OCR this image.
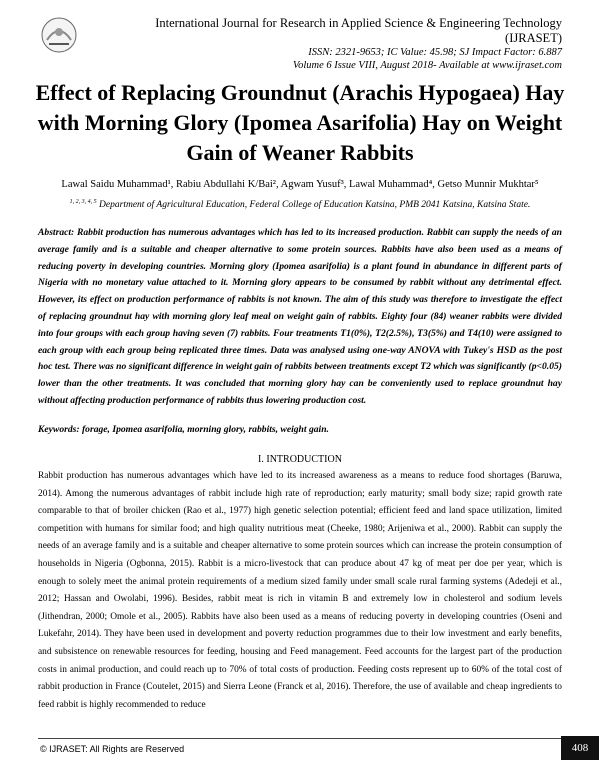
International Journal for Research in Applied Science & Engineering Technology (IJRASET)
ISSN: 2321-9653; IC Value: 45.98; SJ Impact Factor: 6.887
Volume 6 Issue VIII, August 2018- Available at www.ijraset.com
Effect of Replacing Groundnut (Arachis Hypogaea) Hay with Morning Glory (Ipomea Asarifolia) Hay on Weight Gain of Weaner Rabbits
Lawal Saidu Muhammad¹, Rabiu Abdullahi K/Bai², Agwam Yusuf³, Lawal Muhammad⁴, Getso Munnir Mukhtar⁵
$^{1, 2, 3, 4, 5}$ Department of Agricultural Education, Federal College of Education Katsina, PMB 2041 Katsina, Katsina State.
Abstract: Rabbit production has numerous advantages which has led to its increased production. Rabbit can supply the needs of an average family and is a suitable and cheaper alternative to some protein sources. Rabbits have also been used as a means of reducing poverty in developing countries. Morning glory (Ipomea asarifolia) is a plant found in abundance in different parts of Nigeria with no monetary value attached to it. Morning glory appears to be consumed by rabbit without any detrimental effect. However, its effect on production performance of rabbits is not known. The aim of this study was therefore to investigate the effect of replacing groundnut hay with morning glory leaf meal on weight gain of rabbits. Eighty four (84) weaner rabbits were divided into four groups with each group having seven (7) rabbits. Four treatments T1(0%), T2(2.5%), T3(5%) and T4(10) were assigned to each group with each group being replicated three times. Data was analysed using one-way ANOVA with Tukey's HSD as the post hoc test. There was no significant difference in weight gain of rabbits between treatments except T2 which was significantly (p<0.05) lower than the other treatments. It was concluded that morning glory hay can be conveniently used to replace groundnut hay without affecting production performance of rabbits thus lowering production cost.
Keywords: forage, Ipomea asarifolia, morning glory, rabbits, weight gain.
I. INTRODUCTION

Rabbit production has numerous advantages which have led to its increased awareness as a means to reduce food shortages (Baruwa, 2014). Among the numerous advantages of rabbit include high rate of reproduction; early maturity; small body size; rapid growth rate comparable to that of broiler chicken (Rao et al., 1977) high genetic selection potential; efficient feed and land space utilization, limited competition with humans for similar food; and high quality nutritious meat (Cheeke, 1980; Arijeniwa et al., 2000). Rabbit can supply the needs of an average family and is a suitable and cheaper alternative to some protein sources which can increase the protein consumption of households in Nigeria (Ogbonna, 2015). Rabbit is a micro-livestock that can produce about 47 kg of meat per doe per year, which is enough to solely meet the animal protein requirements of a medium sized family under small scale rural farming systems (Adedeji et al., 2012; Hassan and Owolabi, 1996). Besides, rabbit meat is rich in vitamin B and extremely low in cholesterol and sodium levels (Jithendran, 2000; Omole et al., 2005). Rabbits have also been used as a means of reducing poverty in developing countries (Oseni and Lukefahr, 2014). They have been used in development and poverty reduction programmes due to their low investment and early benefits, and subsistence on renewable resources for feeding, housing and Feed management. Feed accounts for the largest part of the production costs in animal production, and could reach up to 70% of total costs of production. Feeding costs represent up to 60% of the total cost of rabbit production in France (Coutelet, 2015) and Sierra Leone (Franck et al, 2016). Therefore, the use of available and cheap ingredients to feed rabbit is highly recommended to reduce

© IJRASET: All Rights are Reserved	408
